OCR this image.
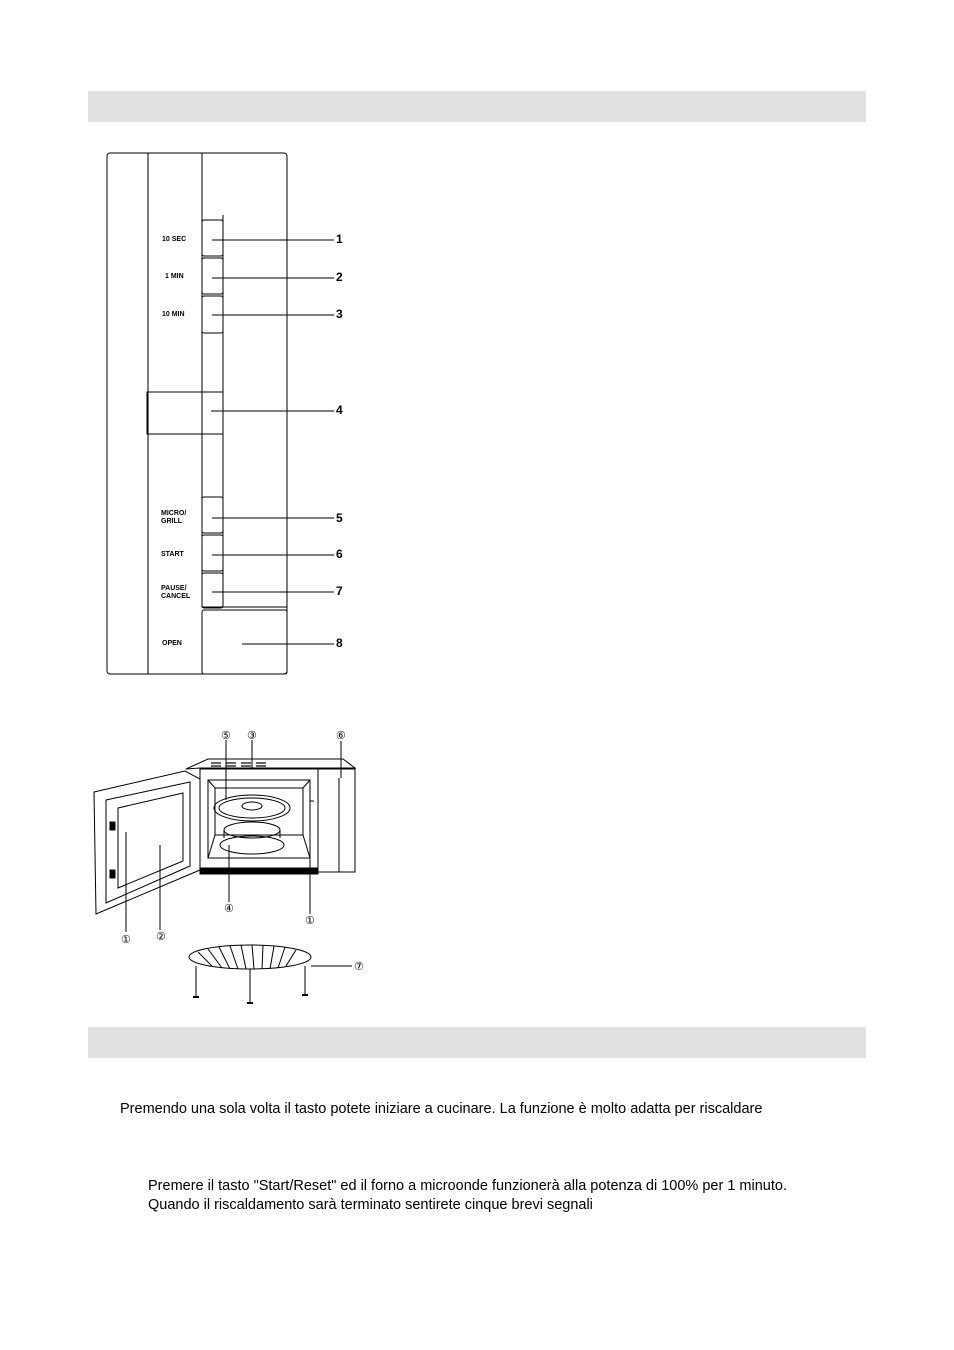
10 SEC
1 MIN
10 MIN
MICRO/
GRILL
START
PAUSE/
CANCEL
OPEN
1
2
3
4
5
6
7
8
⑤ ③	⑥
④
①
① ②
⑦
Premendo una sola volta il tasto potete iniziare a cucinare. La funzione è molto adatta per riscaldare
Premere il tasto "Start/Reset" ed il forno a microonde funzionerà alla potenza di 100% per 1 minuto.
Quando il riscaldamento sarà terminato sentirete cinque brevi segnali
